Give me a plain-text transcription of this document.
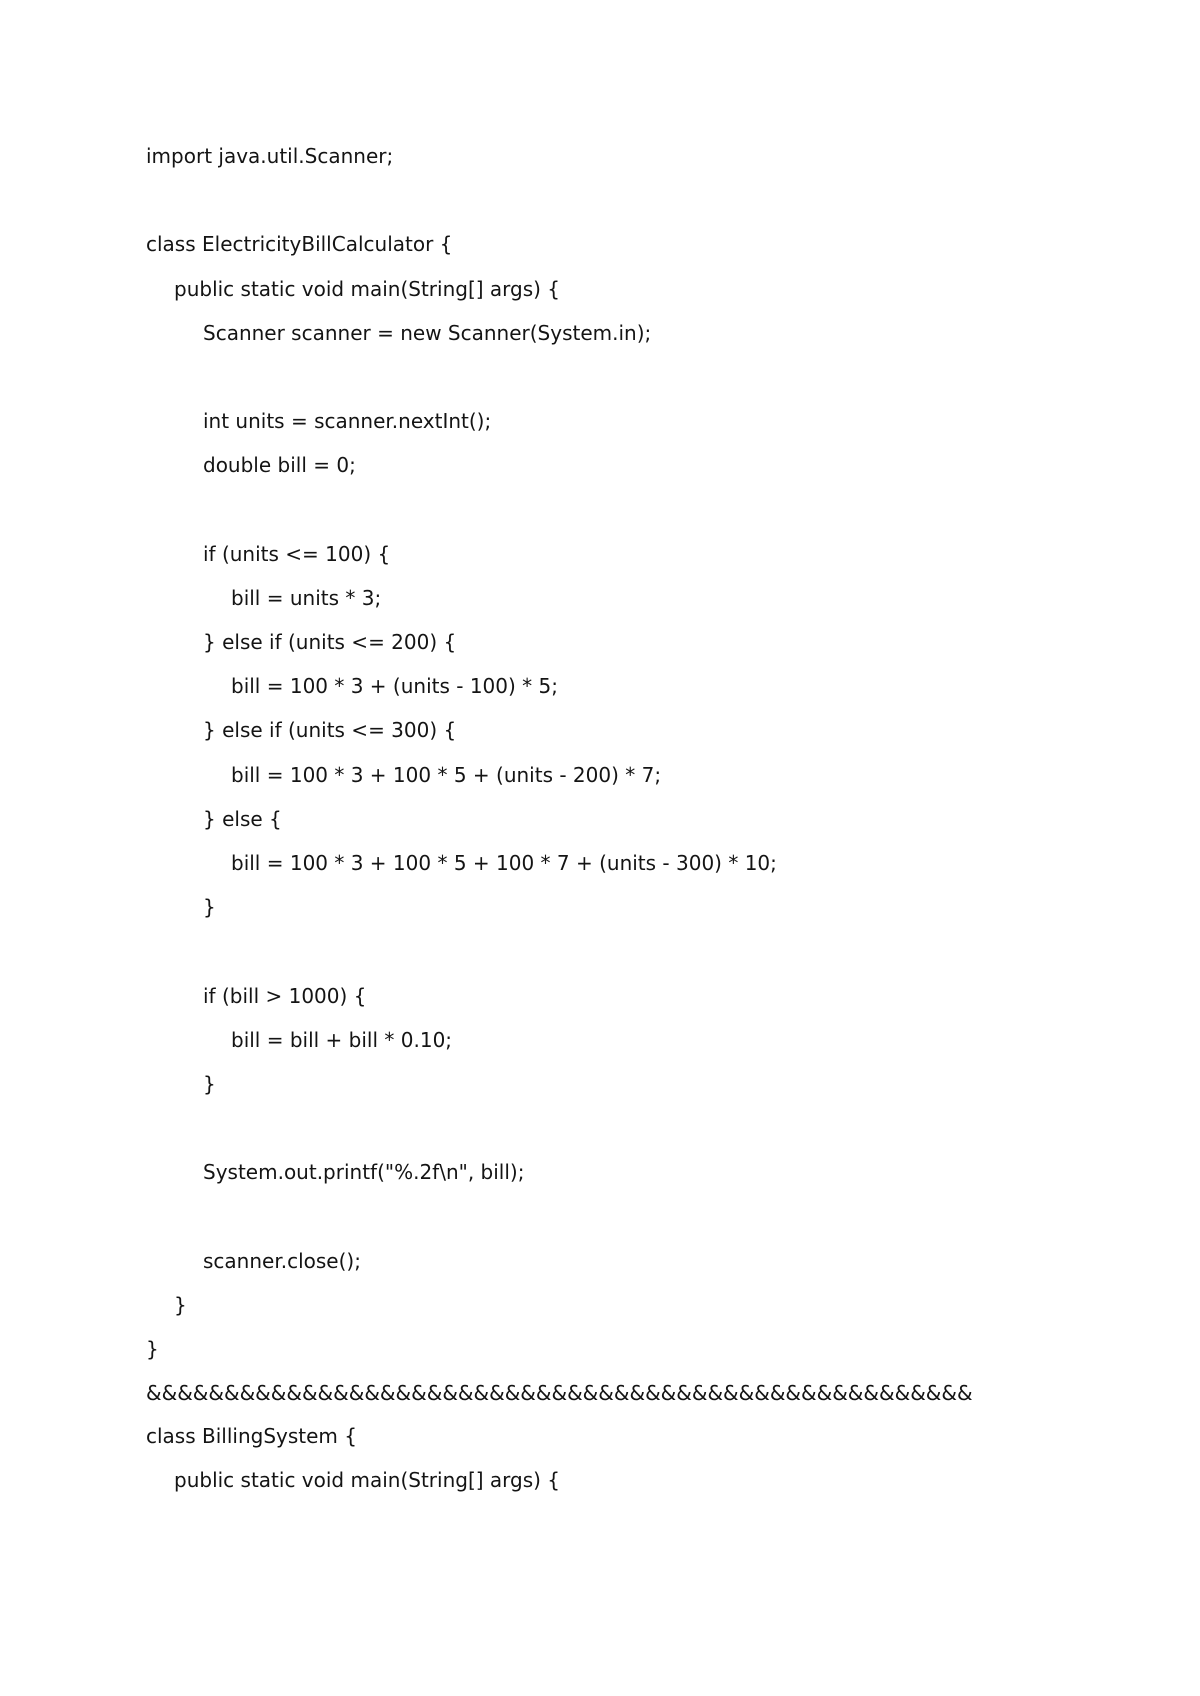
import java.util.Scanner;
class ElectricityBillCalculator {
public static void main(String[] args) {
Scanner scanner = new Scanner(System.in);
int units = scanner.nextInt();
double bill = 0;
if (units <= 100) {
bill = units * 3;
} else if (units <= 200) {
bill = 100 * 3 + (units - 100) * 5;
} else if (units <= 300) {
bill = 100 * 3 + 100 * 5 + (units - 200) * 7;
} else {
bill = 100 * 3 + 100 * 5 + 100 * 7 + (units - 300) * 10;
}
if (bill > 1000) {
bill = bill + bill * 0.10;
}
System.out.printf("%.2f\n", bill);
scanner.close();
}
}
&&&&&&&&&&&&&&&&&&&&&&&&&&&&&&&&&&&&&&&&&&&&&&&&&&&&&
class BillingSystem {
public static void main(String[] args) {
